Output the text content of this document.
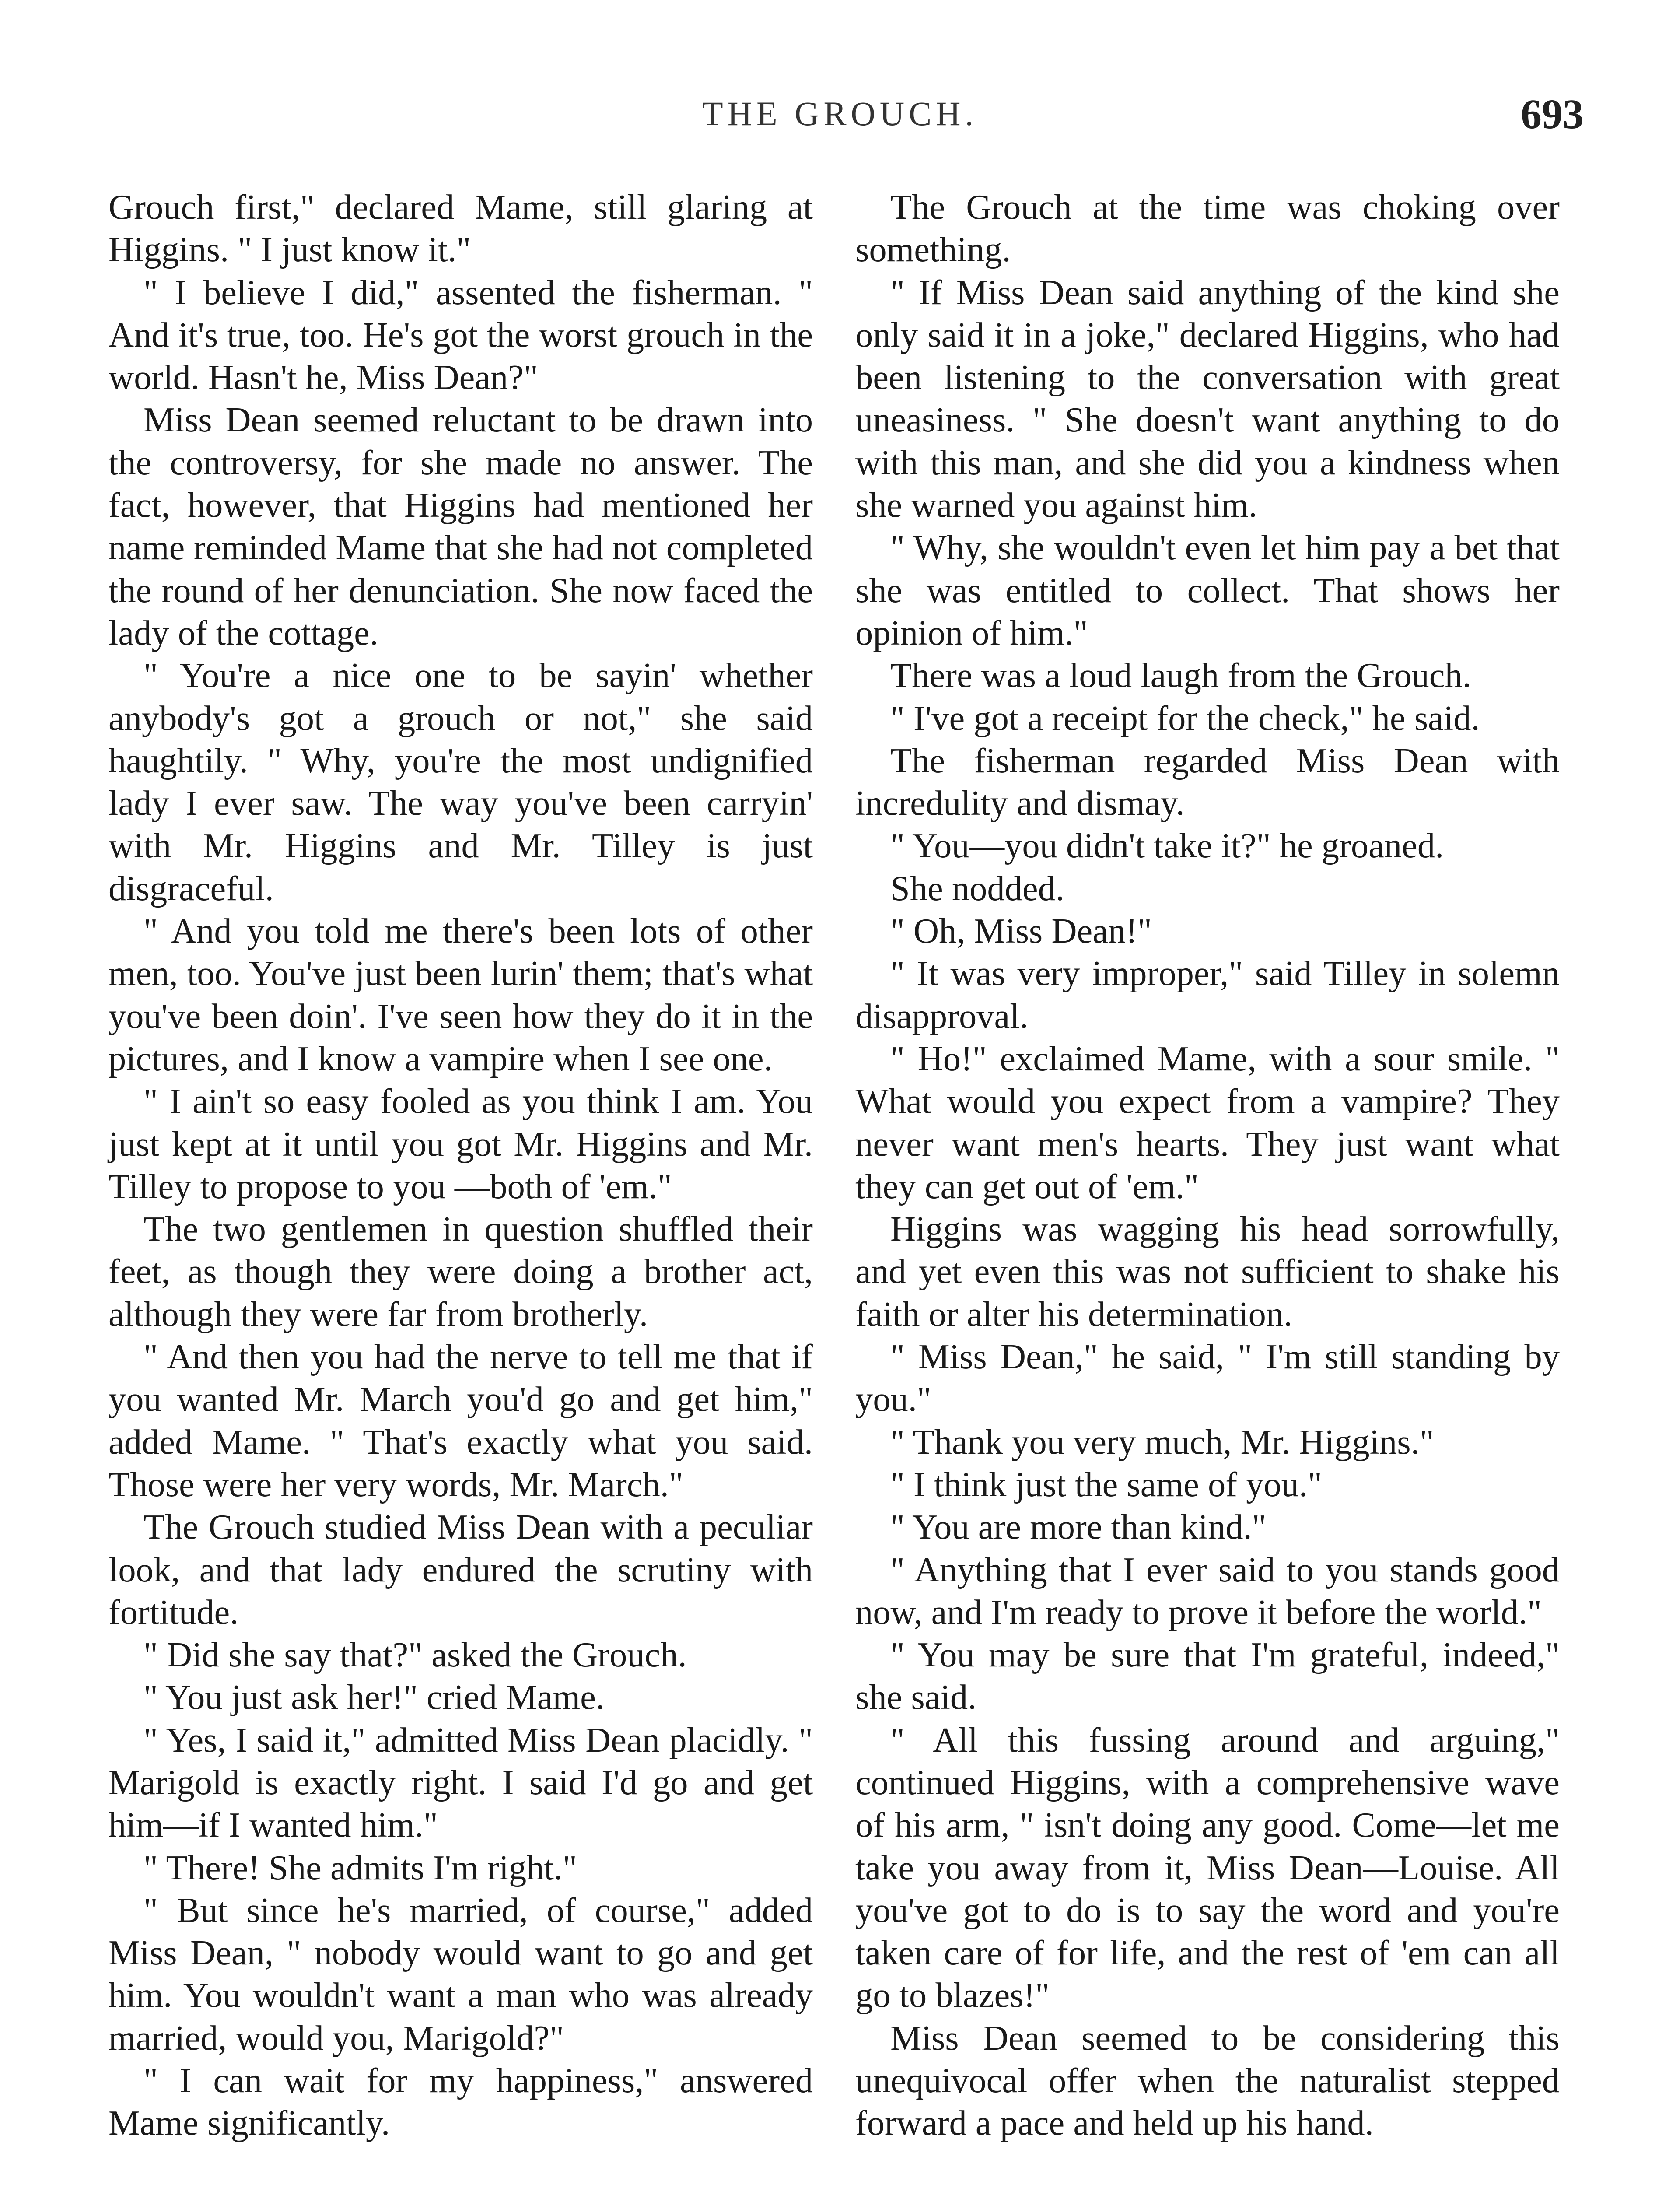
THE GROUCH.	693

Grouch first," declared Mame, still glaring at Higgins. " I just know it."

" I believe I did," assented the fisherman. " And it's true, too. He's got the worst grouch in the world. Hasn't he, Miss Dean?"

Miss Dean seemed reluctant to be drawn into the controversy, for she made no answer. The fact, however, that Higgins had mentioned her name reminded Mame that she had not completed the round of her denunciation. She now faced the lady of the cottage.

" You're a nice one to be sayin' whether anybody's got a grouch or not," she said haughtily. " Why, you're the most undignified lady I ever saw. The way you've been carryin' with Mr. Higgins and Mr. Tilley is just disgraceful.

" And you told me there's been lots of other men, too. You've just been lurin' them; that's what you've been doin'. I've seen how they do it in the pictures, and I know a vampire when I see one.

" I ain't so easy fooled as you think I am. You just kept at it until you got Mr. Higgins and Mr. Tilley to propose to you —both of 'em."

The two gentlemen in question shuffled their feet, as though they were doing a brother act, although they were far from brotherly.

" And then you had the nerve to tell me that if you wanted Mr. March you'd go and get him," added Mame. " That's exactly what you said. Those were her very words, Mr. March."

The Grouch studied Miss Dean with a peculiar look, and that lady endured the scrutiny with fortitude.

" Did she say that?" asked the Grouch.

" You just ask her!" cried Mame.

" Yes, I said it," admitted Miss Dean placidly. " Marigold is exactly right. I said I'd go and get him—if I wanted him."

" There! She admits I'm right."

" But since he's married, of course," added Miss Dean, " nobody would want to go and get him. You wouldn't want a man who was already married, would you, Marigold?"

" I can wait for my happiness," answered Mame significantly.

The Grouch at the time was choking over something.

" If Miss Dean said anything of the kind she only said it in a joke," declared Higgins, who had been listening to the conversation with great uneasiness. " She doesn't want anything to do with this man, and she did you a kindness when she warned you against him.

" Why, she wouldn't even let him pay a bet that she was entitled to collect. That shows her opinion of him."

There was a loud laugh from the Grouch.

" I've got a receipt for the check," he said.

The fisherman regarded Miss Dean with incredulity and dismay.

" You—you didn't take it?" he groaned.

She nodded.

" Oh, Miss Dean!"

" It was very improper," said Tilley in solemn disapproval.

" Ho!" exclaimed Mame, with a sour smile. " What would you expect from a vampire? They never want men's hearts. They just want what they can get out of 'em."

Higgins was wagging his head sorrowfully, and yet even this was not sufficient to shake his faith or alter his determination.

" Miss Dean," he said, " I'm still standing by you."

" Thank you very much, Mr. Higgins."

" I think just the same of you."

" You are more than kind."

" Anything that I ever said to you stands good now, and I'm ready to prove it before the world."

" You may be sure that I'm grateful, indeed," she said.

" All this fussing around and arguing," continued Higgins, with a comprehensive wave of his arm, " isn't doing any good. Come—let me take you away from it, Miss Dean—Louise. All you've got to do is to say the word and you're taken care of for life, and the rest of 'em can all go to blazes!"

Miss Dean seemed to be considering this unequivocal offer when the naturalist stepped forward a pace and held up his hand.
